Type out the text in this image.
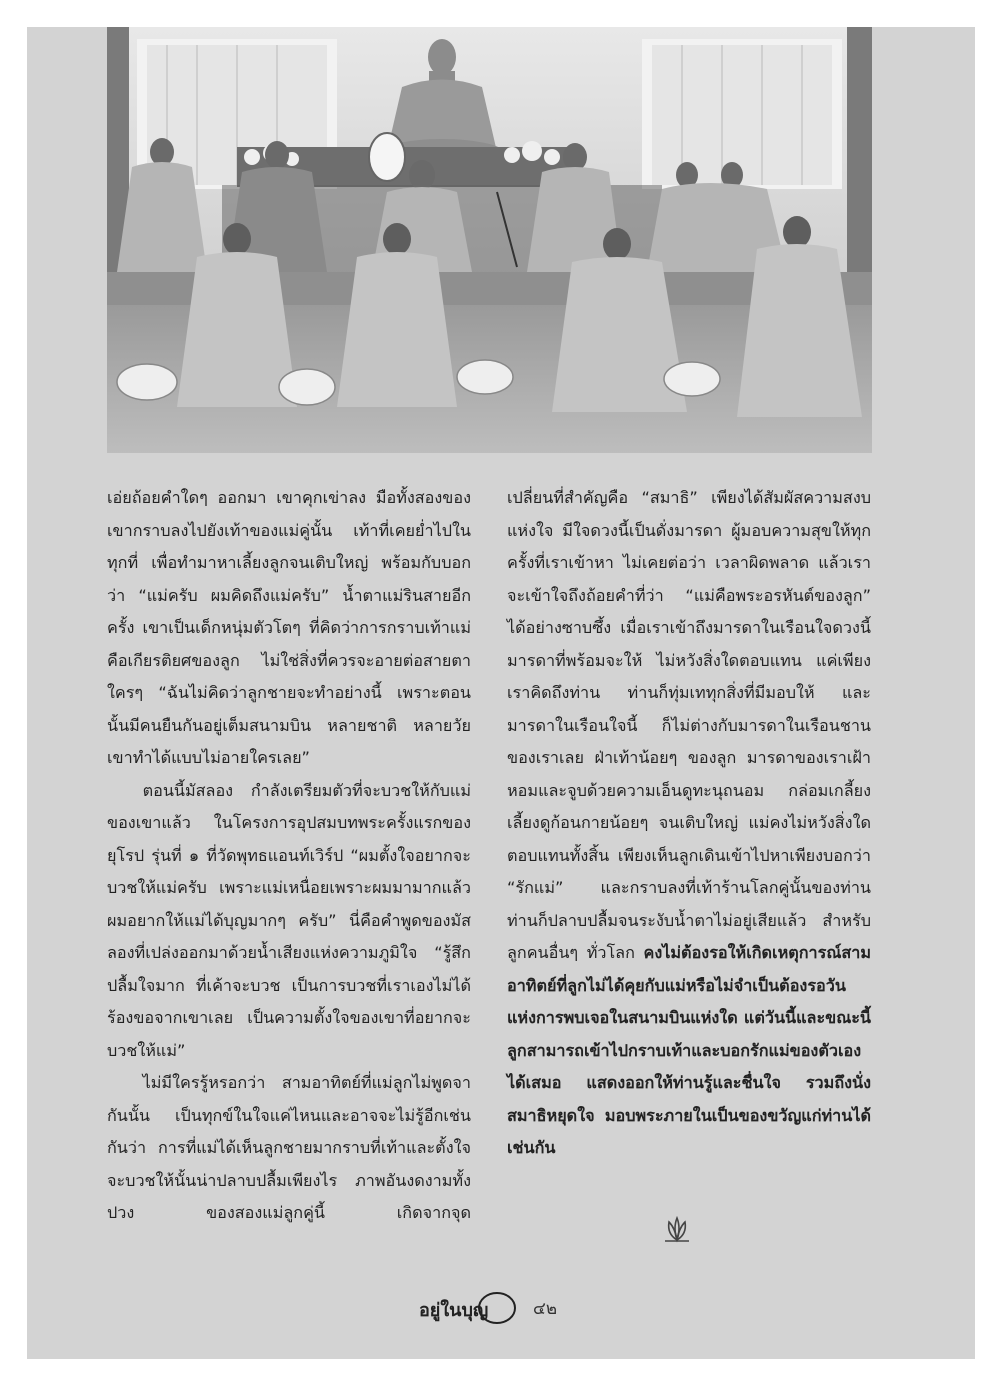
เอ่ยถ้อยคำใดๆ ออกมา เขาคุกเข่าลง มือทั้งสองของเขากราบลงไปยังเท้าของแม่คู่นั้น เท้าที่เคยย่ำไปในทุกที่ เพื่อทำมาหาเลี้ยงลูกจนเติบใหญ่ พร้อมกับบอกว่า “แม่ครับ ผมคิดถึงแม่ครับ” น้ำตาแม่รินสายอีกครั้ง เขาเป็นเด็กหนุ่มตัวโตๆ ที่คิดว่าการกราบเท้าแม่ คือเกียรติยศของลูก ไม่ใช่สิ่งที่ควรจะอายต่อสายตาใครๆ “ฉันไม่คิดว่าลูกชายจะทำอย่างนี้ เพราะตอนนั้นมีคนยืนกันอยู่เต็มสนามบิน หลายชาติ หลายวัย เขาทำได้แบบไม่อายใครเลย”

ตอนนี้มัสลอง กำลังเตรียมตัวที่จะบวชให้กับแม่ของเขาแล้ว ในโครงการอุปสมบทพระครั้งแรกของยุโรป รุ่นที่ ๑ ที่วัดพุทธแอนท์เวิร์ป “ผมตั้งใจอยากจะบวชให้แม่ครับ เพราะแม่เหนื่อยเพราะผมมามากแล้ว ผมอยากให้แม่ได้บุญมากๆ ครับ” นี่คือคำพูดของมัสลองที่เปล่งออกมาด้วยน้ำเสียงแห่งความภูมิใจ “รู้สึกปลื้มใจมาก ที่เค้าจะบวช เป็นการบวชที่เราเองไม่ได้ร้องขอจากเขาเลย เป็นความตั้งใจของเขาที่อยากจะบวชให้แม่”

ไม่มีใครรู้หรอกว่า สามอาทิตย์ที่แม่ลูกไม่พูดจากันนั้น เป็นทุกข์ในใจแค่ไหนและอาจจะไม่รู้อีกเช่นกันว่า การที่แม่ได้เห็นลูกชายมากราบที่เท้าและตั้งใจจะบวชให้นั้นน่าปลาบปลื้มเพียงไร ภาพอันงดงามทั้งปวง ของสองแม่ลูกคู่นี้ เกิดจากจุด

เปลี่ยนที่สำคัญคือ “สมาธิ” เพียงได้สัมผัสความสงบแห่งใจ มีใจดวงนี้เป็นดั่งมารดา ผู้มอบความสุขให้ทุกครั้งที่เราเข้าหา ไม่เคยต่อว่า เวลาผิดพลาด แล้วเราจะเข้าใจถึงถ้อยคำที่ว่า “แม่คือพระอรหันต์ของลูก” ได้อย่างซาบซึ้ง เมื่อเราเข้าถึงมารดาในเรือนใจดวงนี้ มารดาที่พร้อมจะให้ ไม่หวังสิ่งใดตอบแทน แค่เพียงเราคิดถึงท่าน ท่านก็ทุ่มเททุกสิ่งที่มีมอบให้ และมารดาในเรือนใจนี้ ก็ไม่ต่างกับมารดาในเรือนชานของเราเลย ฝ่าเท้าน้อยๆ ของลูก มารดาของเราเฝ้าหอมและจูบด้วยความเอ็นดูทะนุถนอม กล่อมเกลี้ยงเลี้ยงดูก้อนกายน้อยๆ จนเติบใหญ่ แม่คงไม่หวังสิ่งใดตอบแทนทั้งสิ้น เพียงเห็นลูกเดินเข้าไปหาเพียงบอกว่า “รักแม่” และกราบลงที่เท้าร้านโลกคู่นั้นของท่าน ท่านก็ปลาบปลื้มจนระงับน้ำตาไม่อยู่เสียแล้ว สำหรับลูกคนอื่นๆ ทั่วโลก คงไม่ต้องรอให้เกิดเหตุการณ์สามอาทิตย์ที่ลูกไม่ได้คุยกับแม่หรือไม่จำเป็นต้องรอวันแห่งการพบเจอในสนามบินแห่งใด แต่วันนี้และขณะนี้ ลูกสามารถเข้าไปกราบเท้าและบอกรักแม่ของตัวเองได้เสมอ แสดงออกให้ท่านรู้และชื่นใจ รวมถึงนั่งสมาธิหยุดใจ มอบพระภายในเป็นของขวัญแก่ท่านได้เช่นกัน

อยู่ในบุญ	๔๒
